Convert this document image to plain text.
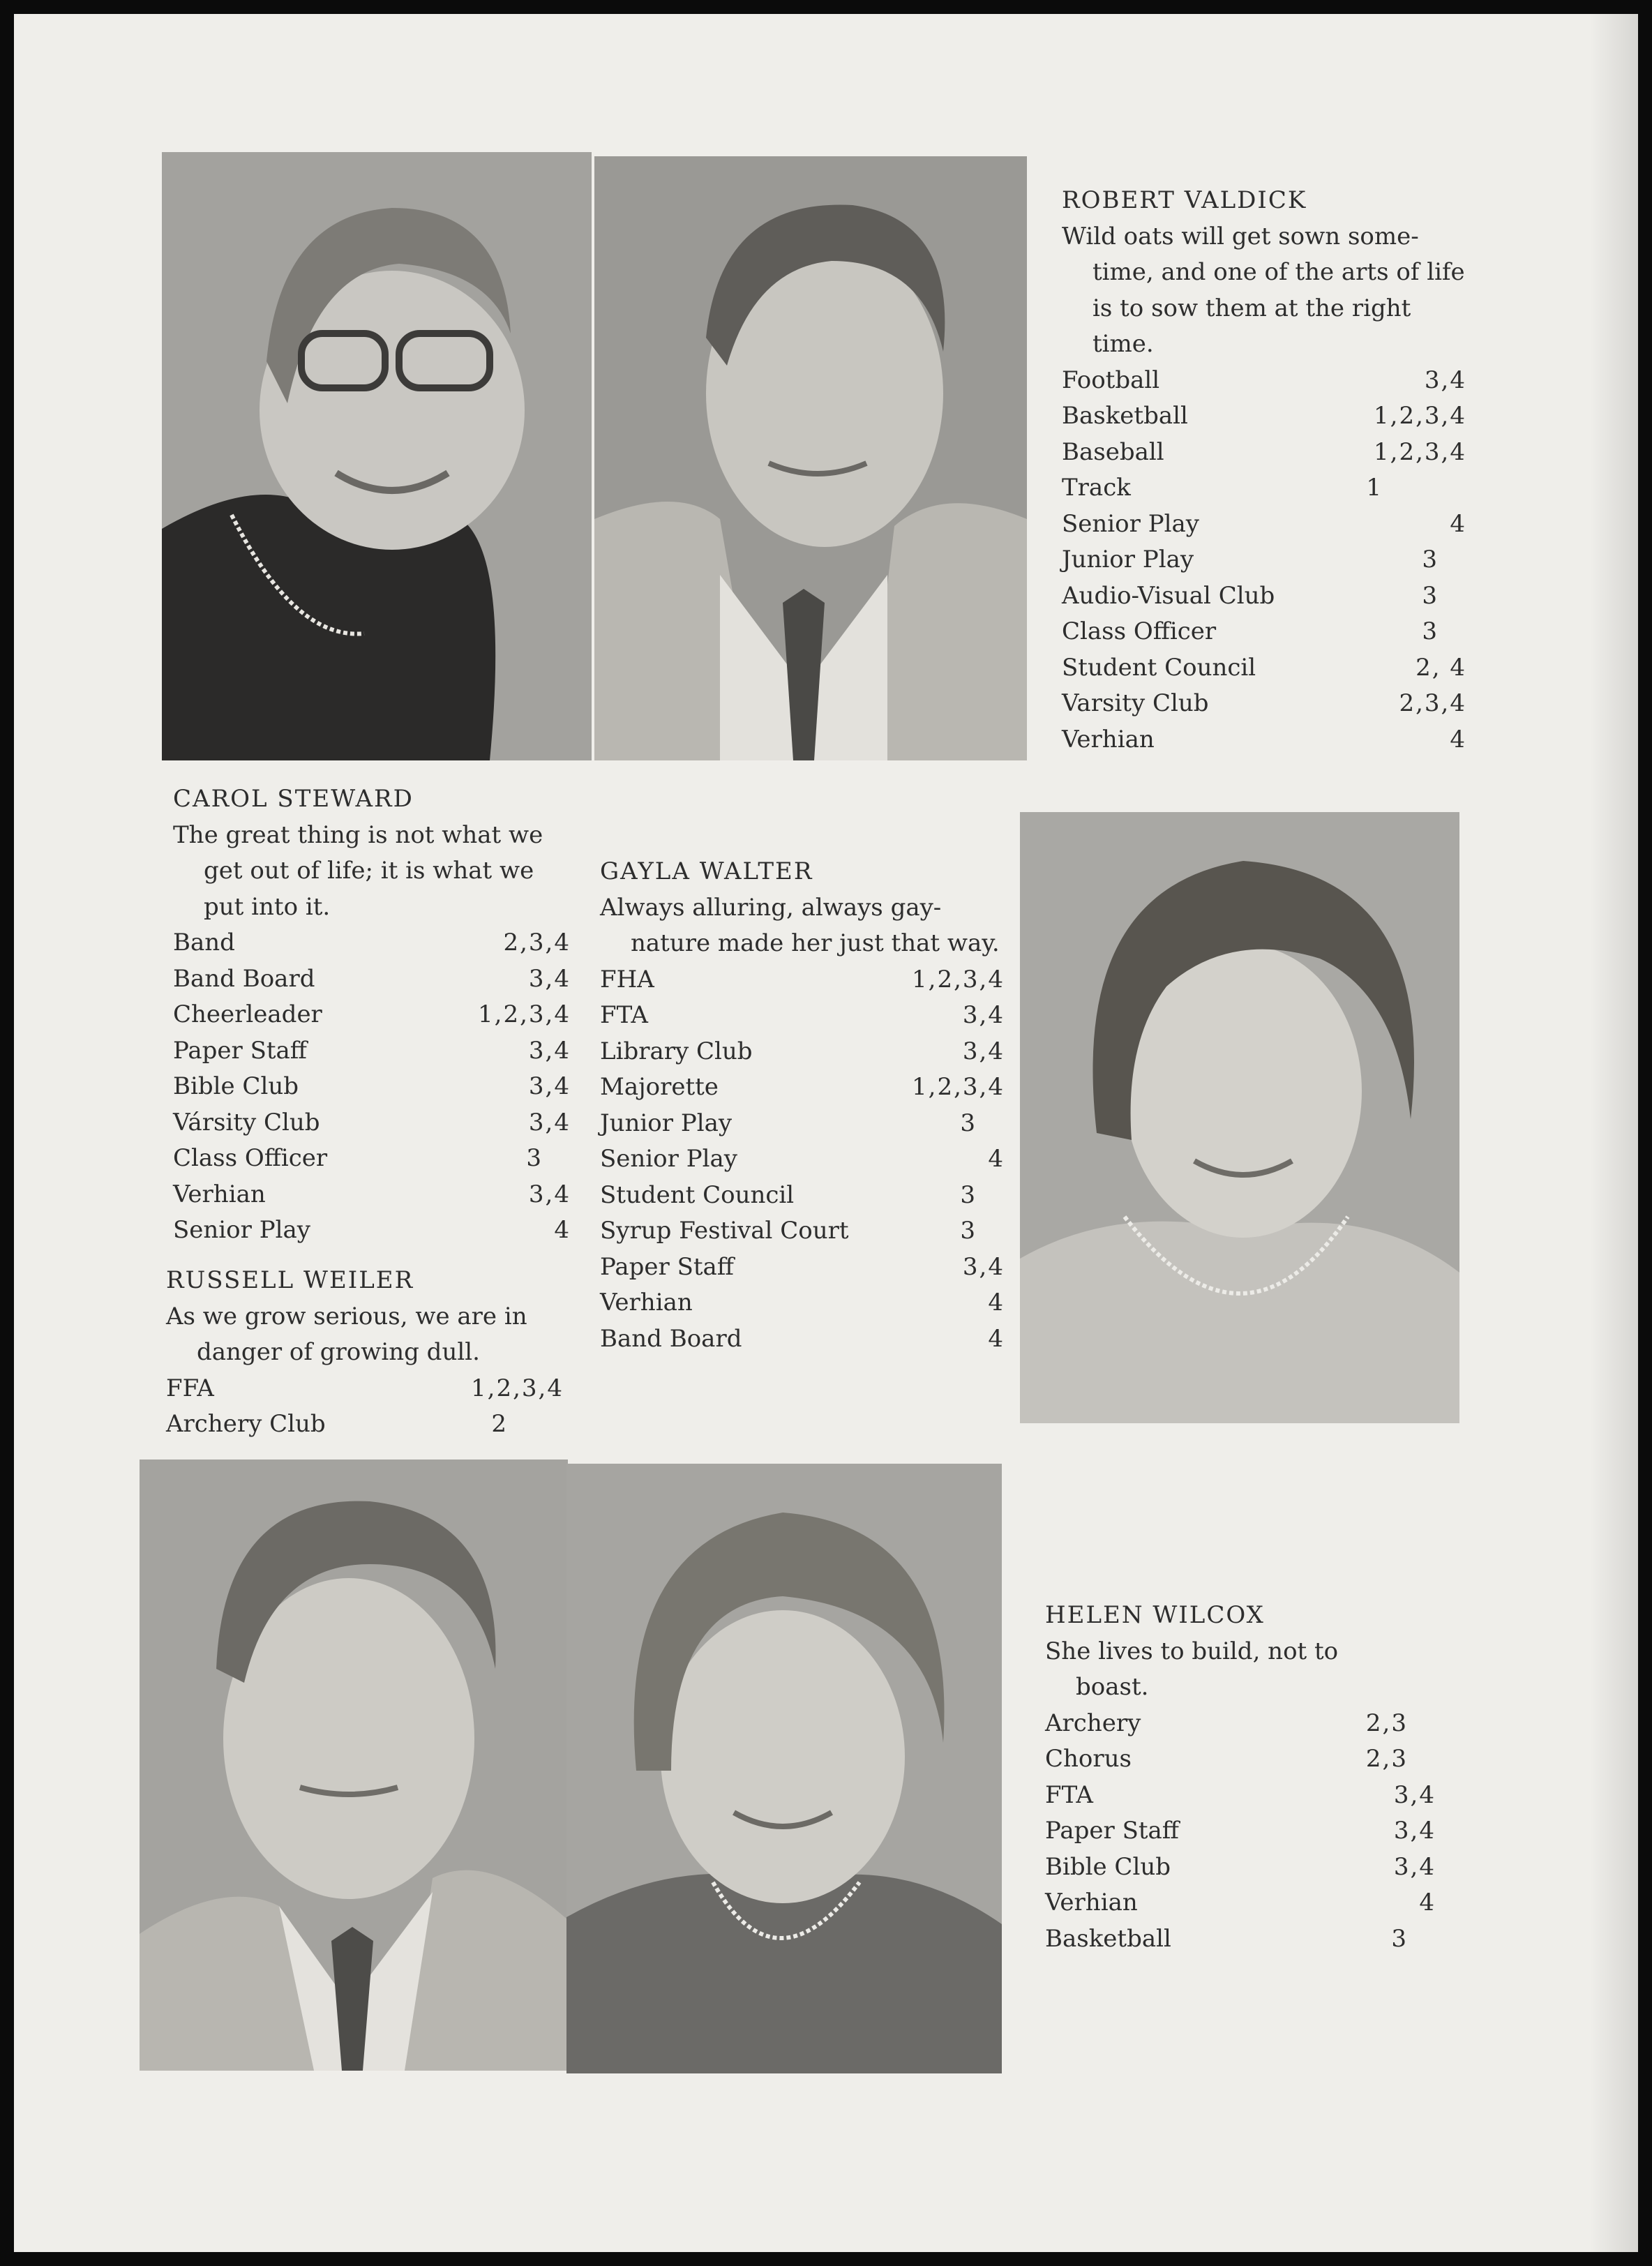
ROBERT VALDICK
Wild oats will get sown some-time, and one of the arts of life is to sow them at the right time.
Football	3,4
Basketball	1,2,3,4
Baseball	1,2,3,4
Track	1
Senior Play	4
Junior Play	3
Audio-Visual Club	3
Class Officer	3
Student Council	2, 4
Varsity Club	2,3,4
Verhian	4
CAROL STEWARD
The great thing is not what we get out of life; it is what we put into it.
Band	2,3,4
Band Board	3,4
Cheerleader	1,2,3,4
Paper Staff	3,4
Bible Club	3,4
Vársity Club	3,4
Class Officer	3
Verhian	3,4
Senior Play	4
RUSSELL WEILER
As we grow serious, we are in danger of growing dull.
FFA	1,2,3,4
Archery Club	2
GAYLA WALTER
Always alluring, always gay-nature made her just that way.
FHA	1,2,3,4
FTA	3,4
Library Club	3,4
Majorette	1,2,3,4
Junior Play	3
Senior Play	4
Student Council	3
Syrup Festival Court	3
Paper Staff	3,4
Verhian	4
Band Board	4
HELEN WILCOX
She lives to build, not to boast.
Archery	2,3
Chorus	2,3
FTA	3,4
Paper Staff	3,4
Bible Club	3,4
Verhian	4
Basketball	3
